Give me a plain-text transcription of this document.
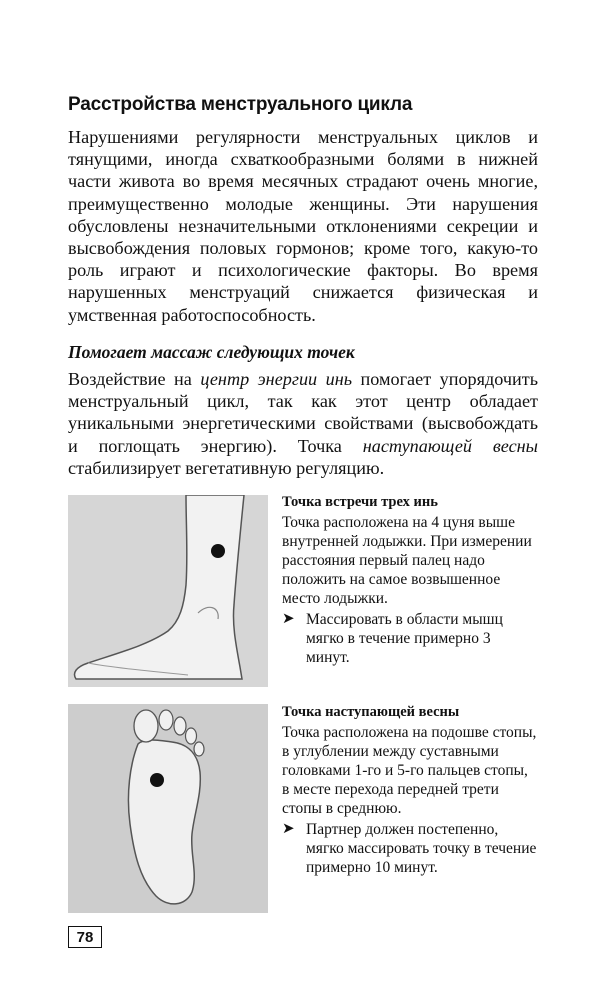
Расстройства менструального цикла

Нарушениями регулярности менструальных циклов и тянущими, иногда схваткообразными болями в нижней части живота во время месячных страдают очень многие, преимущественно молодые женщины. Эти нарушения обусловлены незначительными отклонениями секреции и высвобождения половых гормонов; кроме того, какую-то роль играют и психологические факторы. Во время нарушенных менструаций снижается физическая и умственная работоспособность.

Помогает массаж следующих точек

Воздействие на центр энергии инь помогает упорядочить менструальный цикл, так как этот центр обладает уникальными энергетическими свойствами (высвобождать и поглощать энергию). Точка наступающей весны стабилизирует вегетативную регуляцию.

Точка встречи трех инь
Точка расположена на 4 цуня выше внутренней лодыжки. При измерении расстояния первый палец надо положить на самое возвышенное место лодыжки.
➤ Массировать в области мышц мягко в течение примерно 3 минут.
Точка наступающей весны
Точка расположена на подошве стопы, в углублении между суставными головками 1-го и 5-го пальцев стопы, в месте перехода передней трети стопы в среднюю.
➤ Партнер должен постепенно, мягко массировать точку в течение примерно 10 минут.
78
